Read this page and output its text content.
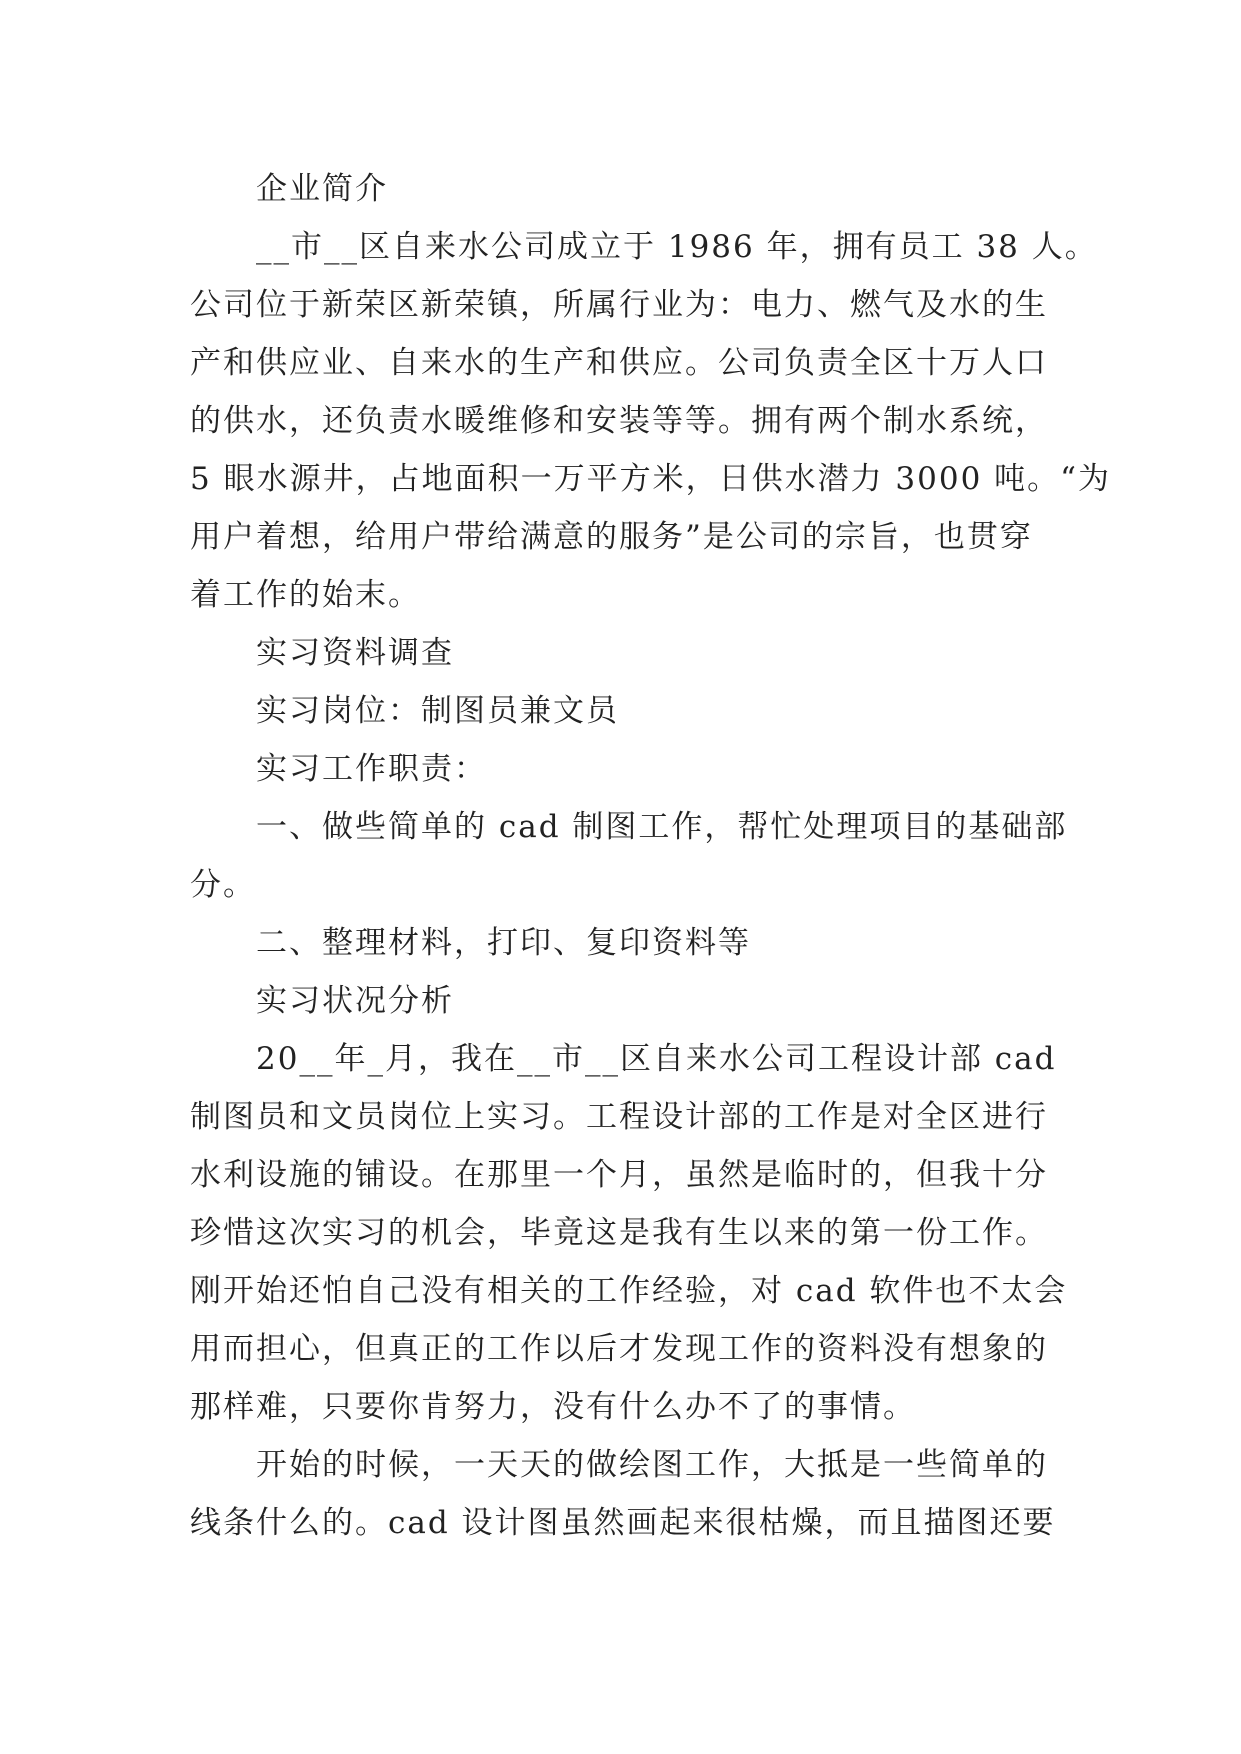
企业简介
__市__区自来水公司成立于 1986 年，拥有员工 38 人。
公司位于新荣区新荣镇，所属行业为：电力、燃气及水的生
产和供应业、自来水的生产和供应。公司负责全区十万人口
的供水，还负责水暖维修和安装等等。拥有两个制水系统，
5 眼水源井，占地面积一万平方米，日供水潜力 3000 吨。“为
用户着想，给用户带给满意的服务”是公司的宗旨，也贯穿
着工作的始末。
实习资料调查
实习岗位：制图员兼文员
实习工作职责：
一、做些简单的 cad 制图工作，帮忙处理项目的基础部
分。
二、整理材料，打印、复印资料等
实习状况分析
20__年_月，我在__市__区自来水公司工程设计部 cad
制图员和文员岗位上实习。工程设计部的工作是对全区进行
水利设施的铺设。在那里一个月，虽然是临时的，但我十分
珍惜这次实习的机会，毕竟这是我有生以来的第一份工作。
刚开始还怕自己没有相关的工作经验，对 cad 软件也不太会
用而担心，但真正的工作以后才发现工作的资料没有想象的
那样难，只要你肯努力，没有什么办不了的事情。
开始的时候，一天天的做绘图工作，大抵是一些简单的
线条什么的。cad 设计图虽然画起来很枯燥，而且描图还要
